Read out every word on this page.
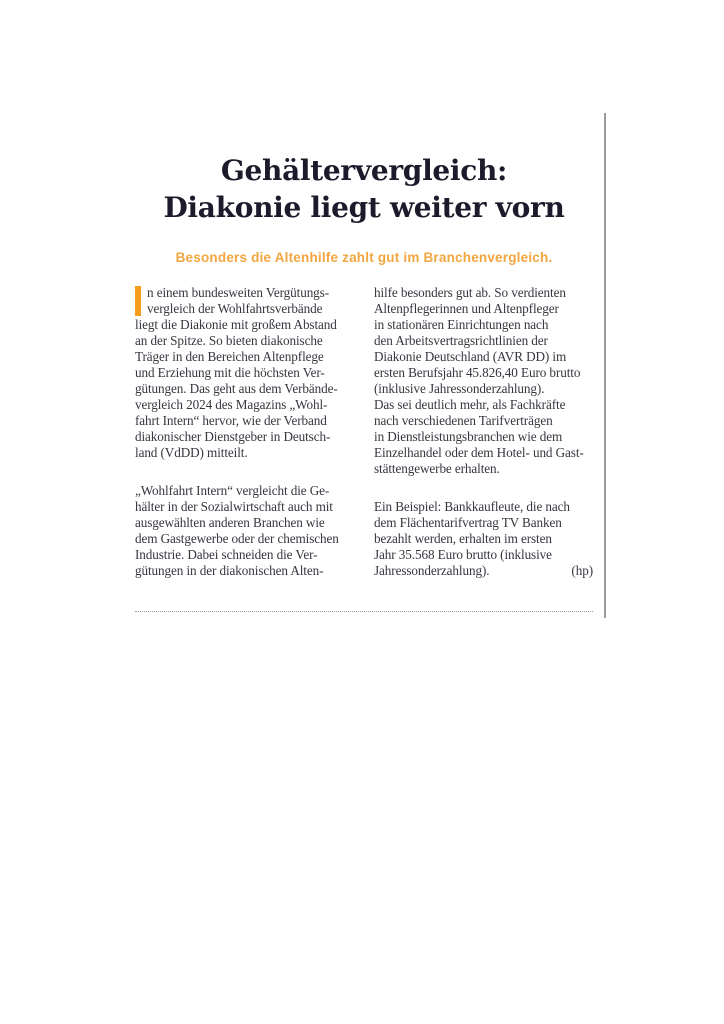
Gehältervergleich:
Diakonie liegt weiter vorn

Besonders die Altenhilfe zahlt gut im Branchenvergleich.

n einem bundesweiten Vergütungs-
vergleich der Wohlfahrtsverbände
liegt die Diakonie mit großem Abstand
an der Spitze. So bieten diakonische
Träger in den Bereichen Altenpflege
und Erziehung mit die höchsten Ver-
gütungen. Das geht aus dem Verbände-
vergleich 2024 des Magazins „Wohl-
fahrt Intern“ hervor, wie der Verband
diakonischer Dienstgeber in Deutsch-
land (VdDD) mitteilt.
„Wohlfahrt Intern“ vergleicht die Ge-
hälter in der Sozialwirtschaft auch mit
ausgewählten anderen Branchen wie
dem Gastgewerbe oder der chemischen
Industrie. Dabei schneiden die Ver-
gütungen in der diakonischen Alten-
hilfe besonders gut ab. So verdienten
Altenpflegerinnen und Altenpfleger
in stationären Einrichtungen nach
den Arbeitsvertragsrichtlinien der
Diakonie Deutschland (AVR DD) im
ersten Berufsjahr 45.826,40 Euro brutto
(inklusive Jahressonderzahlung).
Das sei deutlich mehr, als Fachkräfte
nach verschiedenen Tarifverträgen
in Dienstleistungsbranchen wie dem
Einzelhandel oder dem Hotel- und Gast-
stättengewerbe erhalten.
Ein Beispiel: Bankkaufleute, die nach
dem Flächentarifvertrag TV Banken
bezahlt werden, erhalten im ersten
Jahr 35.568 Euro brutto (inklusive
Jahressonderzahlung).	(hp)
